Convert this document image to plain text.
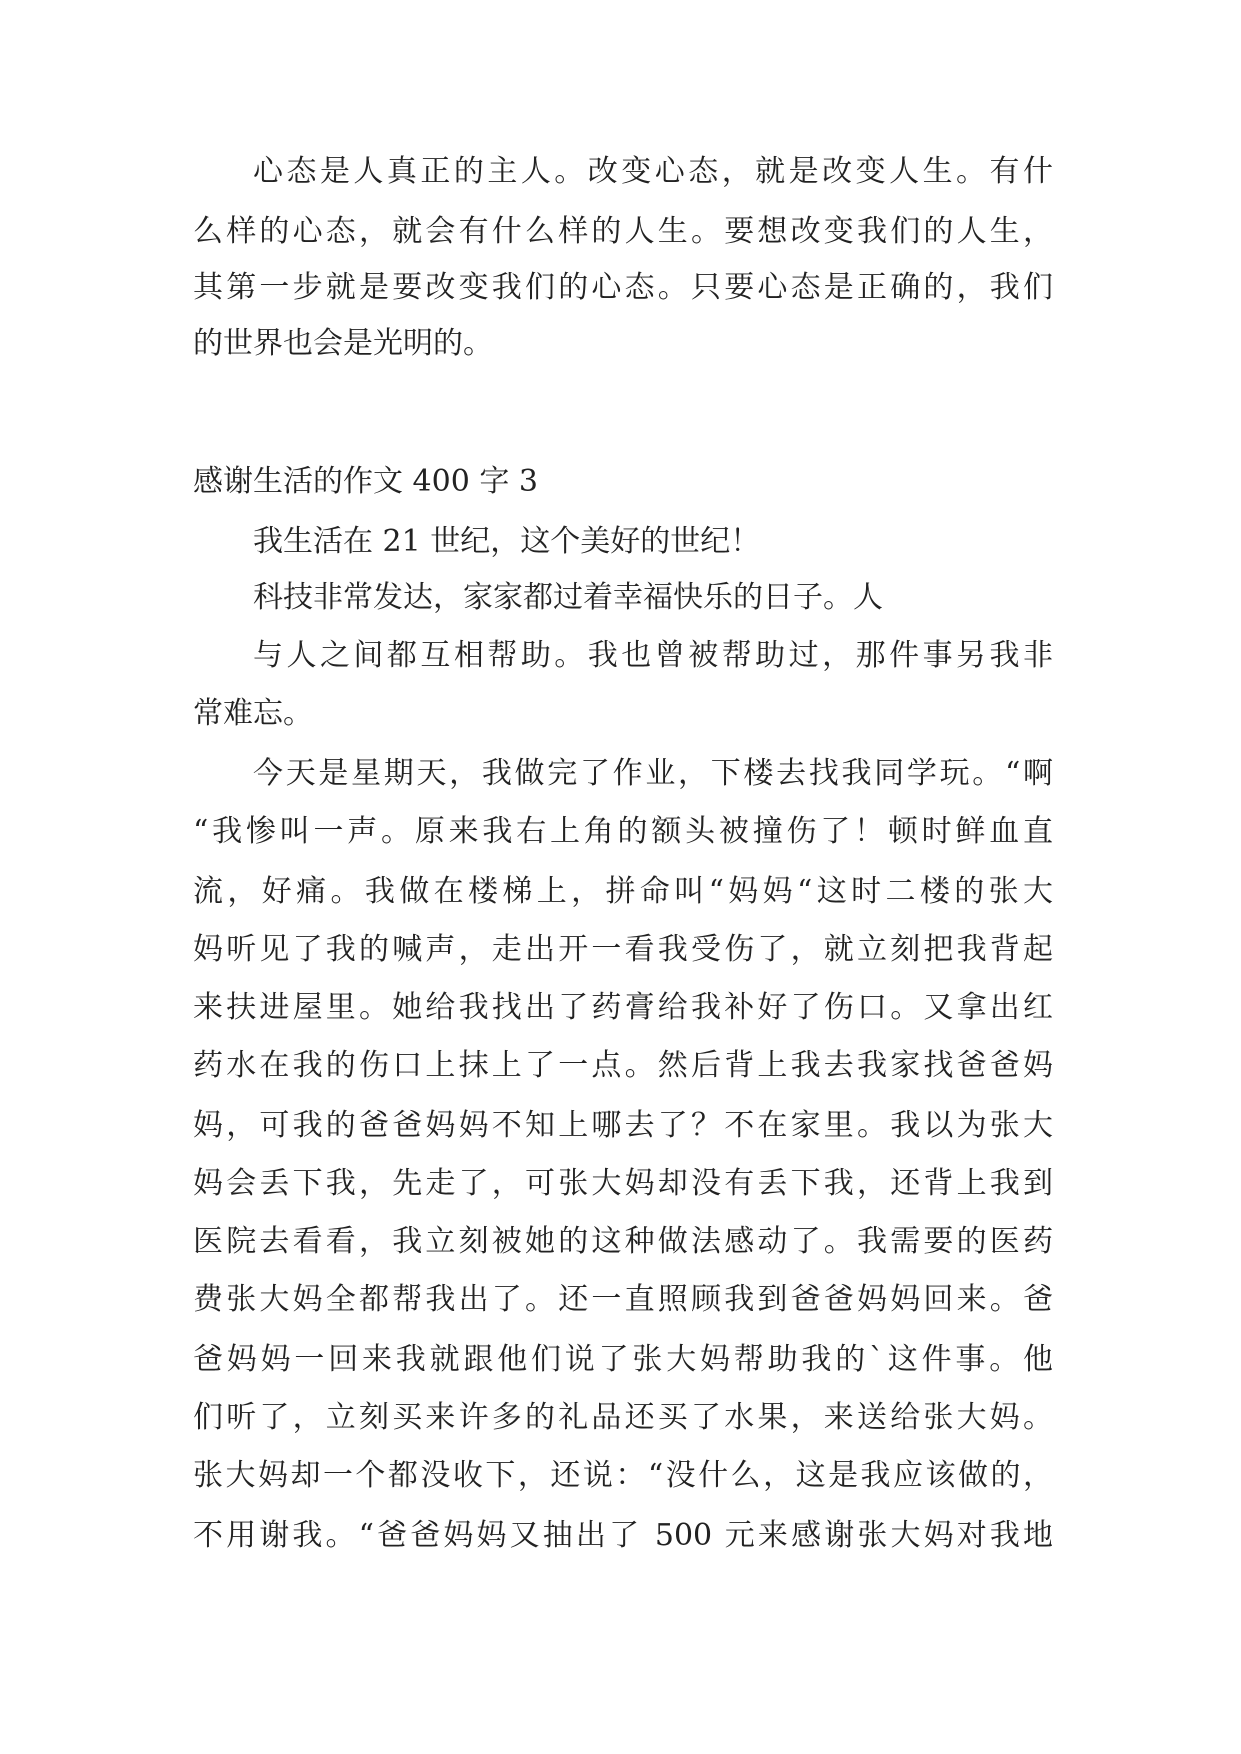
心态是人真正的主人。改变心态，就是改变人生。有什

么样的心态，就会有什么样的人生。要想改变我们的人生，

其第一步就是要改变我们的心态。只要心态是正确的，我们

的世界也会是光明的。

感谢生活的作文 400 字 3

我生活在 21 世纪，这个美好的世纪！

科技非常发达，家家都过着幸福快乐的日子。人

与人之间都互相帮助。我也曾被帮助过，那件事另我非

常难忘。

今天是星期天，我做完了作业，下楼去找我同学玩。“啊

“我惨叫一声。原来我右上角的额头被撞伤了！顿时鲜血直

流，好痛。我做在楼梯上，拼命叫“妈妈“这时二楼的张大

妈听见了我的喊声，走出开一看我受伤了，就立刻把我背起

来扶进屋里。她给我找出了药膏给我补好了伤口。又拿出红

药水在我的伤口上抹上了一点。然后背上我去我家找爸爸妈

妈，可我的爸爸妈妈不知上哪去了？不在家里。我以为张大

妈会丢下我，先走了，可张大妈却没有丢下我，还背上我到

医院去看看，我立刻被她的这种做法感动了。我需要的医药

费张大妈全都帮我出了。还一直照顾我到爸爸妈妈回来。爸

爸妈妈一回来我就跟他们说了张大妈帮助我的`这件事。他

们听了，立刻买来许多的礼品还买了水果，来送给张大妈。

张大妈却一个都没收下，还说：“没什么，这是我应该做的，

不用谢我。“爸爸妈妈又抽出了 500 元来感谢张大妈对我地
